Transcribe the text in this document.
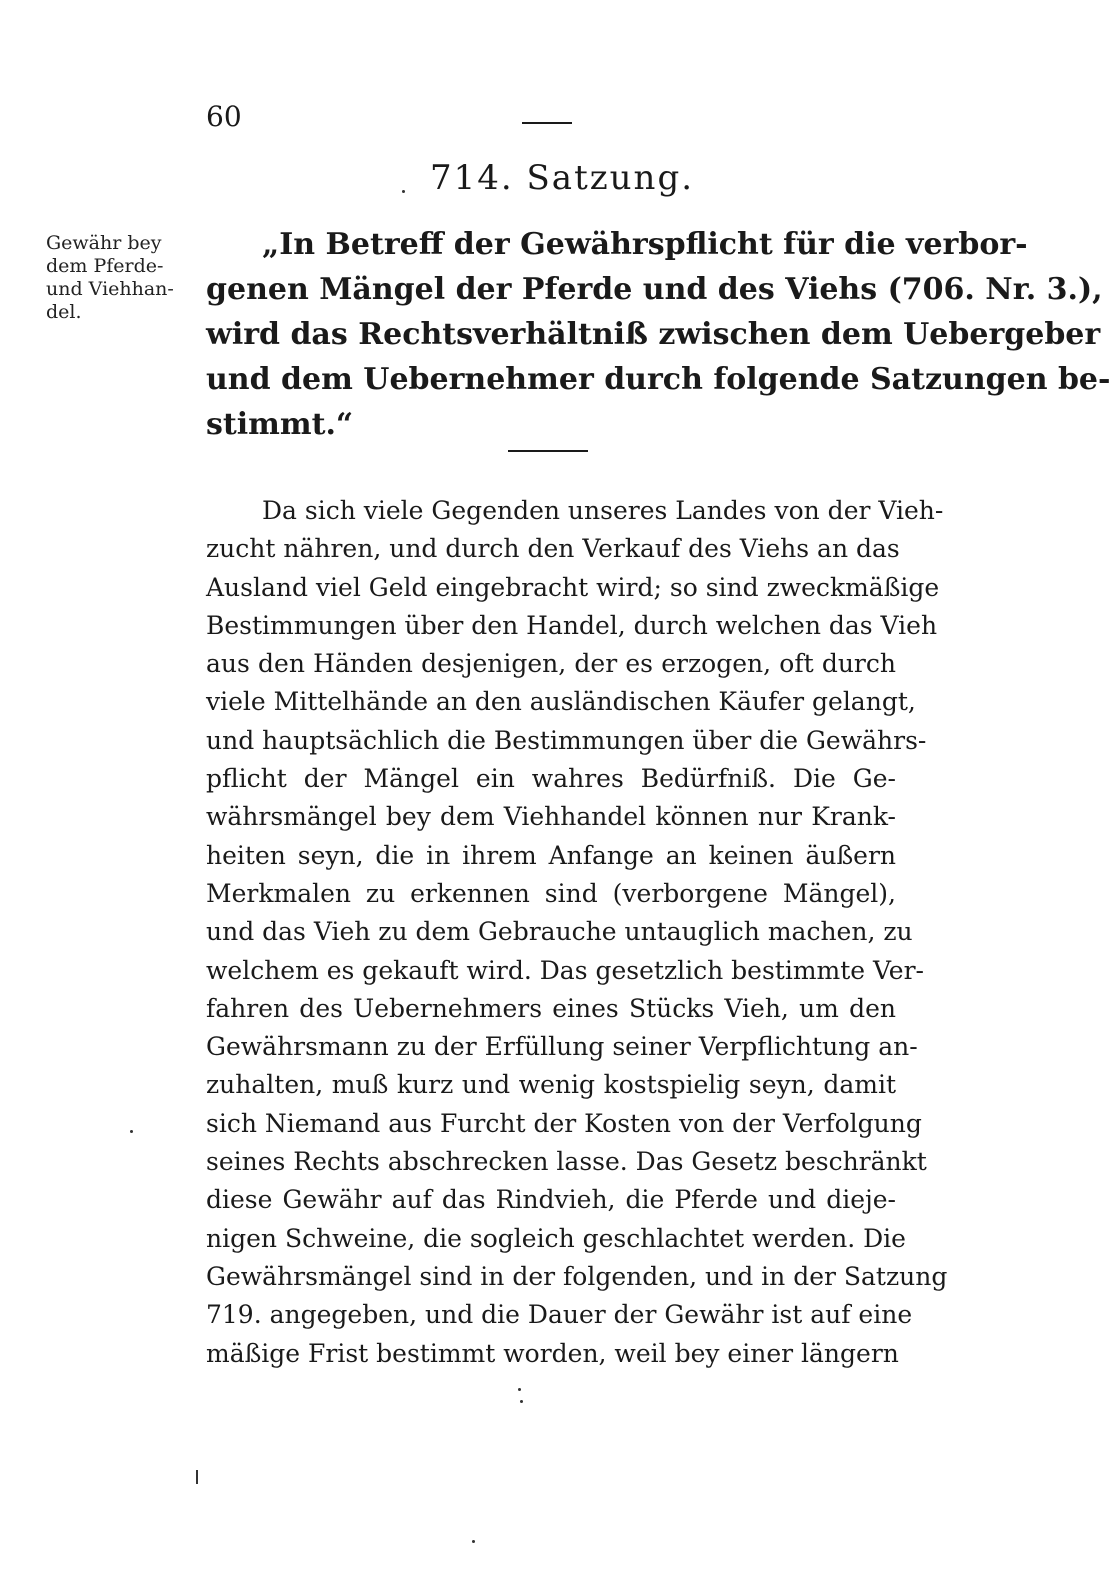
60
714. Satzung.
Gewähr bey
dem Pferde-
und Viehhan-
del.
„In Betreff der Gewährspflicht für die verbor-
genen Mängel der Pferde und des Viehs (706. Nr. 3.),
wird das Rechtsverhältniß zwischen dem Uebergeber
und dem Uebernehmer durch folgende Satzungen be-
stimmt.“
Da sich viele Gegenden unseres Landes von der Vieh-
zucht nähren, und durch den Verkauf des Viehs an das
Ausland viel Geld eingebracht wird; so sind zweckmäßige
Bestimmungen über den Handel, durch welchen das Vieh
aus den Händen desjenigen, der es erzogen, oft durch
viele Mittelhände an den ausländischen Käufer gelangt,
und hauptsächlich die Bestimmungen über die Gewährs-
pflicht der Mängel ein wahres Bedürfniß. Die Ge-
währsmängel bey dem Viehhandel können nur Krank-
heiten seyn, die in ihrem Anfange an keinen äußern
Merkmalen zu erkennen sind (verborgene Mängel),
und das Vieh zu dem Gebrauche untauglich machen, zu
welchem es gekauft wird. Das gesetzlich bestimmte Ver-
fahren des Uebernehmers eines Stücks Vieh, um den
Gewährsmann zu der Erfüllung seiner Verpflichtung an-
zuhalten, muß kurz und wenig kostspielig seyn, damit
sich Niemand aus Furcht der Kosten von der Verfolgung
seines Rechts abschrecken lasse. Das Gesetz beschränkt
diese Gewähr auf das Rindvieh, die Pferde und dieje-
nigen Schweine, die sogleich geschlachtet werden. Die
Gewährsmängel sind in der folgenden, und in der Satzung
719. angegeben, und die Dauer der Gewähr ist auf eine
mäßige Frist bestimmt worden, weil bey einer längern
